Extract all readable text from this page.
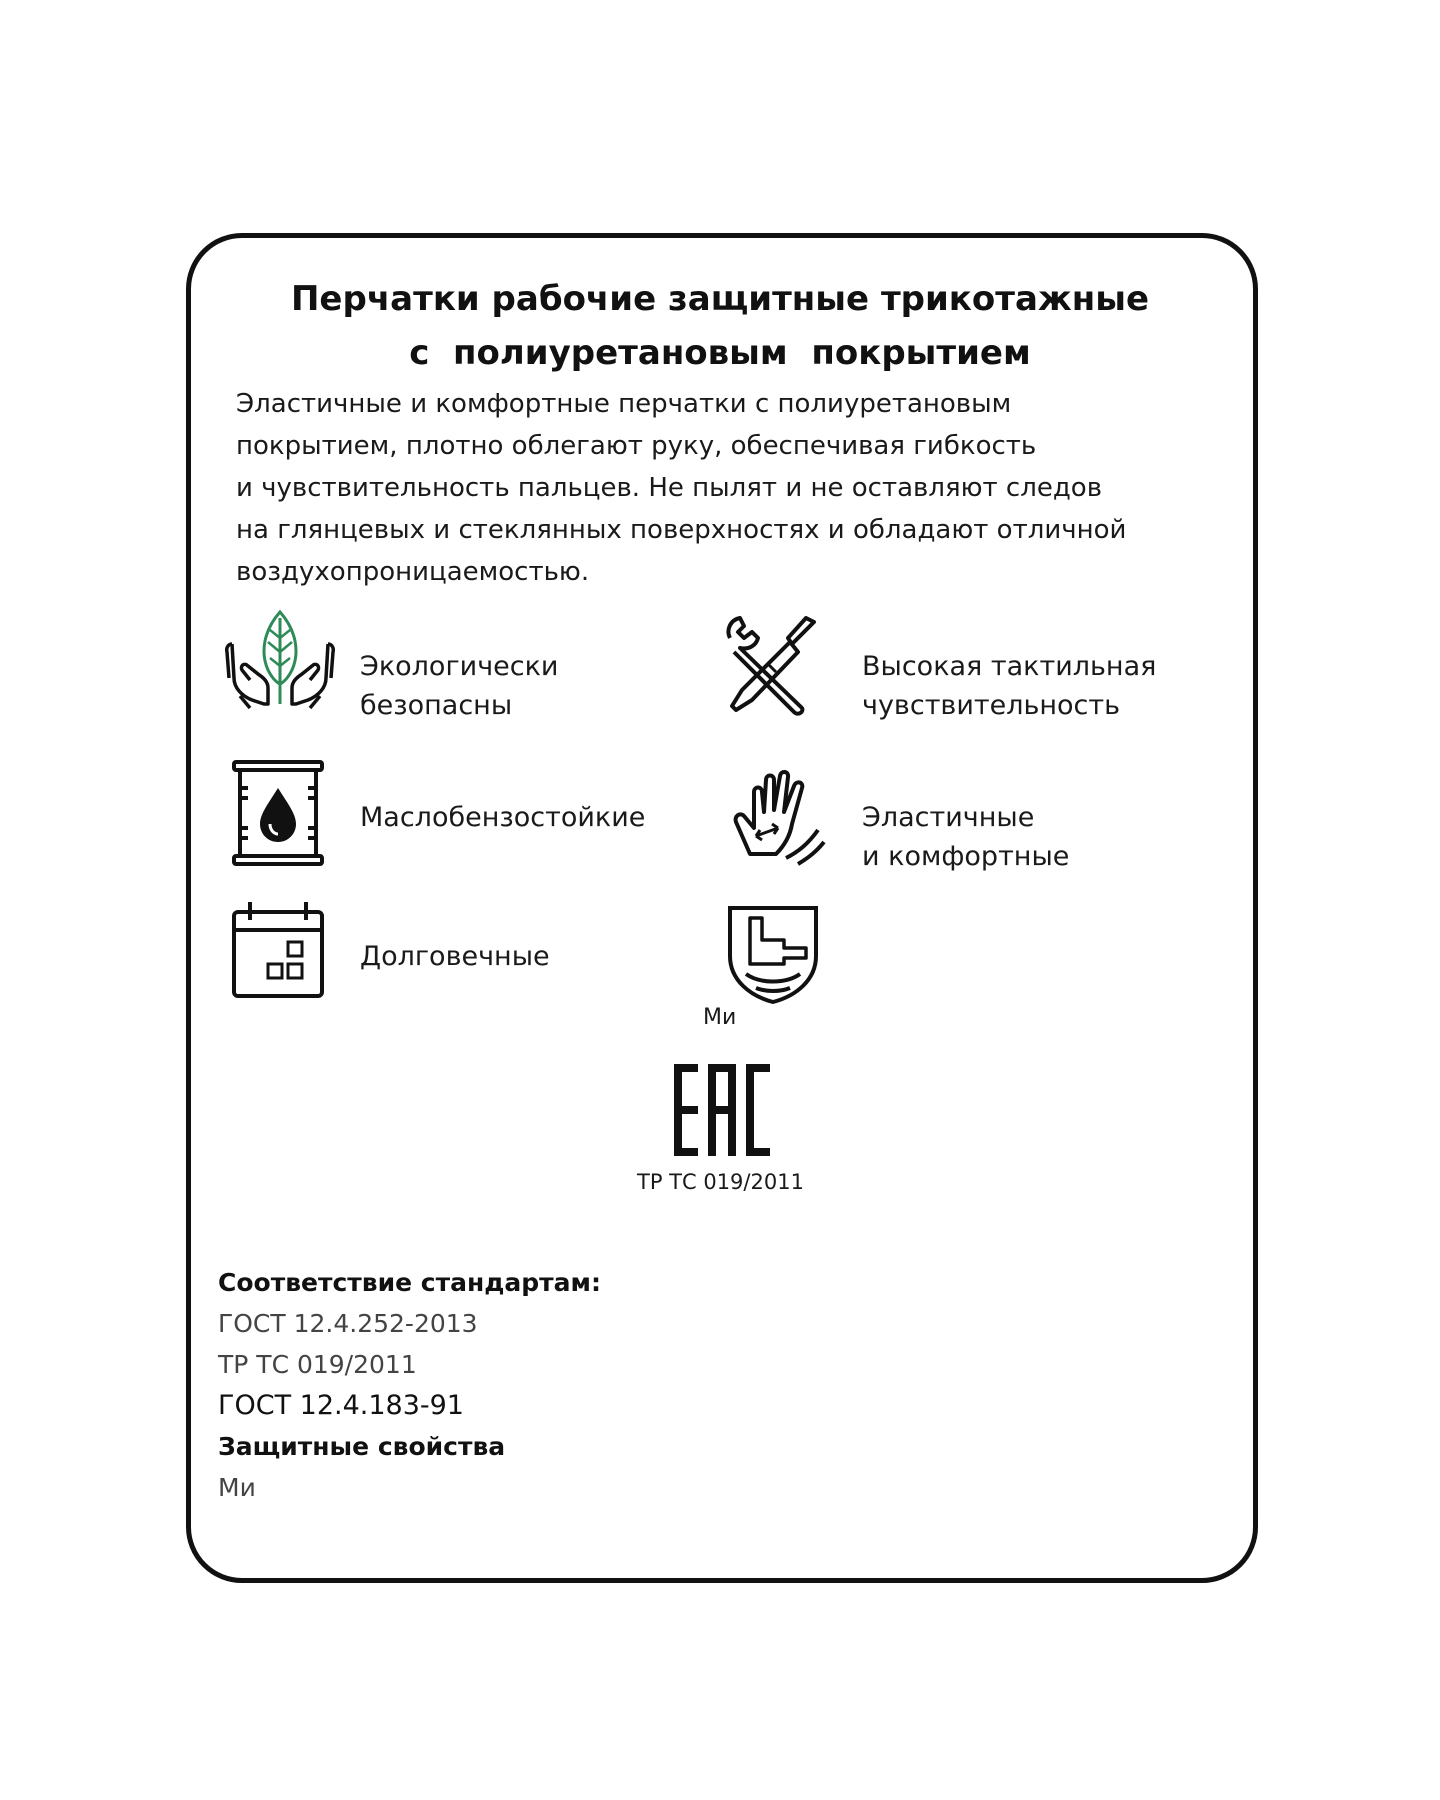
Перчатки рабочие защитные трикотажные
с  полиуретановым  покрытием
Эластичные и комфортные перчатки с полиуретановым
покрытием, плотно облегают руку, обеспечивая гибкость
и чувствительность пальцев. Не пылят и не оставляют следов
на глянцевых и стеклянных поверхностях и обладают отличной
воздухопроницаемостью.
Экологически
безопасны
Высокая тактильная
чувствительность
Маслобензостойкие	Эластичные
и комфортные
Долговечные
Ми
ТР ТС 019/2011
Соответствие стандартам:
ГОСТ 12.4.252-2013
ТР ТС 019/2011
ГОСТ 12.4.183-91
Защитные свойства
Ми
